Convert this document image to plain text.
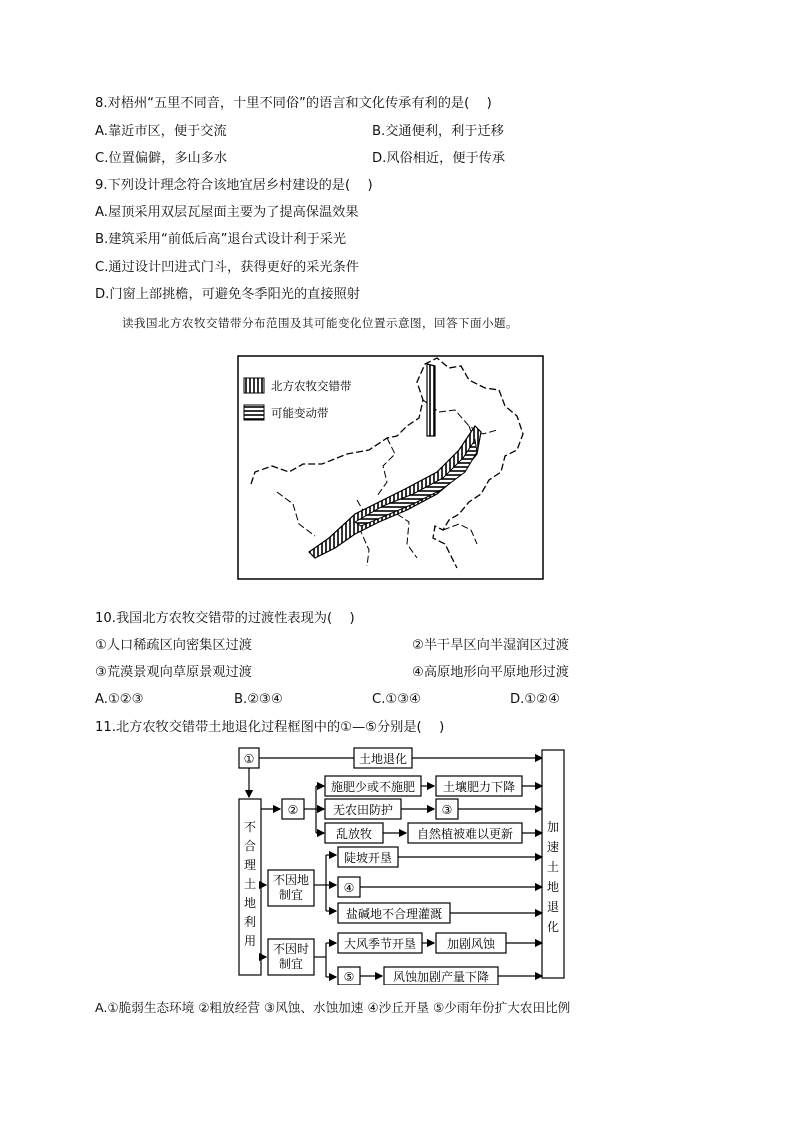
8.对梧州“五里不同音，十里不同俗”的语言和文化传承有利的是(　 )
A.靠近市区，便于交流	B.交通便利，利于迁移
C.位置偏僻，多山多水	D.风俗相近，便于传承
9.下列设计理念符合该地宜居乡村建设的是(　 )
A.屋顶采用双层瓦屋面主要为了提高保温效果
B.建筑采用“前低后高”退台式设计利于采光
C.通过设计凹进式门斗，获得更好的采光条件
D.门窗上部挑檐，可避免冬季阳光的直接照射
读我国北方农牧交错带分布范围及其可能变化位置示意图，回答下面小题。
北方农牧交错带
可能变动带
10.我国北方农牧交错带的过渡性表现为(　 )
①人口稀疏区向密集区过渡	②半干旱区向半湿润区过渡
③荒漠景观向草原景观过渡	④高原地形向平原地形过渡
A.①②③	B.②③④	C.①③④	D.①②④
11.北方农牧交错带土地退化过程框图中的①—⑤分别是(　 )
①	土地退化
②
施肥少或不施肥 土壤肥力下降
无农田防护	③
乱放牧	自然植被难以更新
不因地
制宜
陡坡开垦
④
盐碱地不合理灌溉
不因时
制宜
大风季节开垦	加剧风蚀
⑤	风蚀加剧产量下降
不合理土地利用
加速土地退化
A.①脆弱生态环境 ②粗放经营 ③风蚀、水蚀加速 ④沙丘开垦 ⑤少雨年份扩大农田比例
